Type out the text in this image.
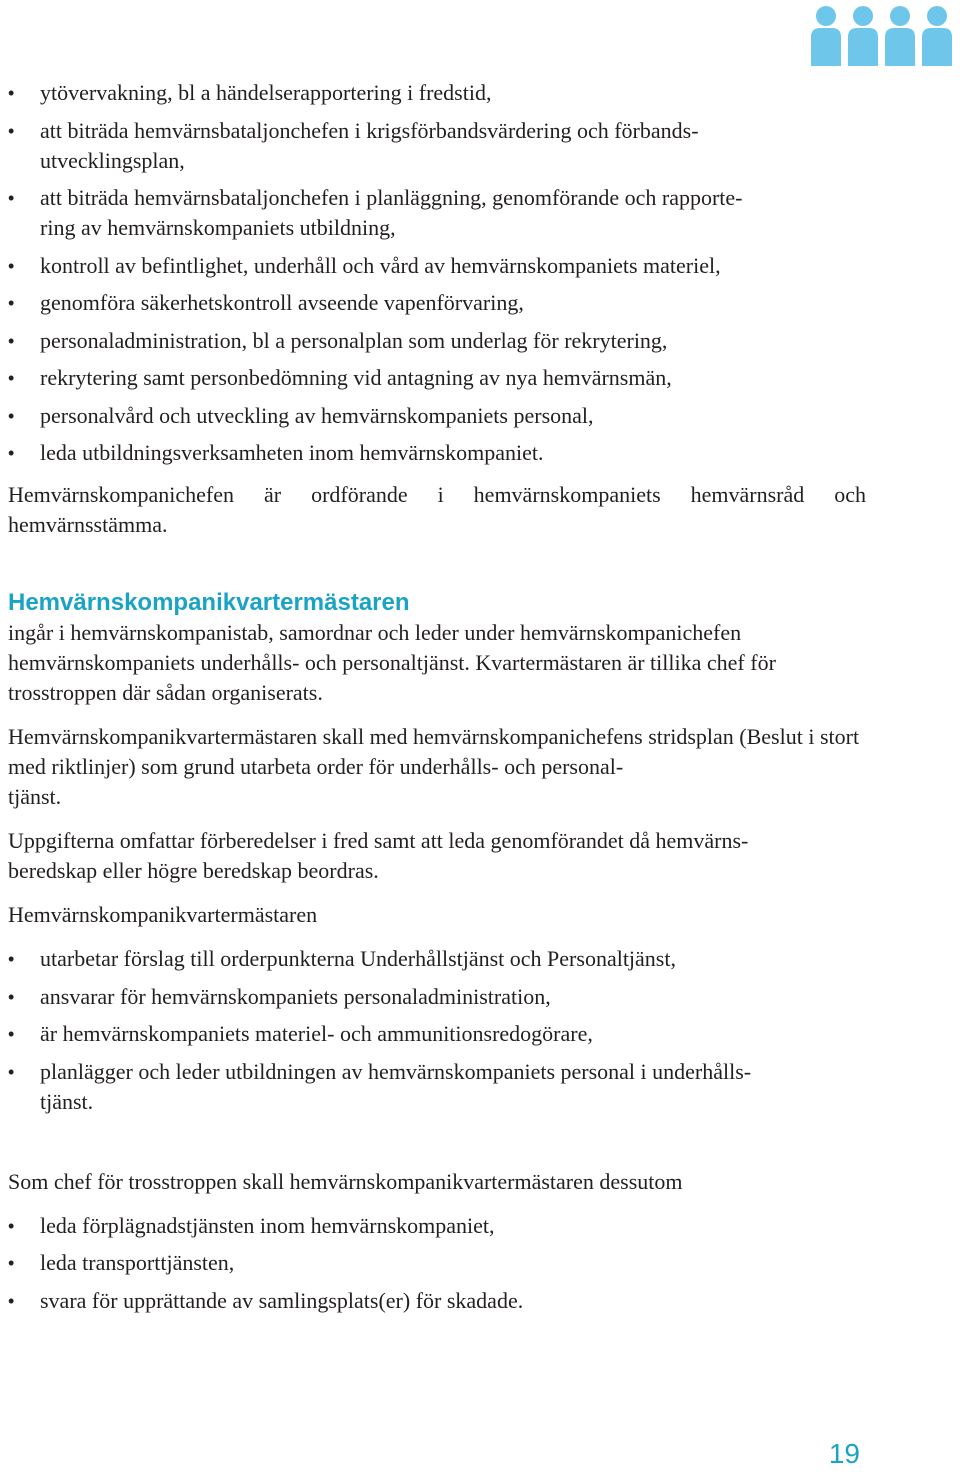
• ytövervakning, bl a händelserapportering i fredstid,
• att biträda hemvärnsbataljonchefen i krigsförbandsvärdering och förbands-
utvecklingsplan,
• att biträda hemvärnsbataljonchefen i planläggning, genomförande och rapporte-
ring av hemvärnskompaniets utbildning,
• kontroll av befintlighet, underhåll och vård av hemvärnskompaniets materiel,
• genomföra säkerhetskontroll avseende vapenförvaring,
• personaladministration, bl a personalplan som underlag för rekrytering,
• rekrytering samt personbedömning vid antagning av nya hemvärnsmän,
• personalvård och utveckling av hemvärnskompaniets personal,
• leda utbildningsverksamheten inom hemvärnskompaniet.

Hemvärnskompanichefen är ordförande i hemvärnskompaniets hemvärnsråd och hemvärnsstämma.

Hemvärnskompanikvartermästaren

ingår i hemvärnskompanistab, samordnar och leder under hemvärnskompanichefen hemvärnskompaniets underhålls- och personaltjänst. Kvartermästaren är tillika chef för trosstroppen där sådan organiserats.

Hemvärnskompanikvartermästaren skall med hemvärnskompanichefens stridsplan (Beslut i stort med riktlinjer) som grund utarbeta order för underhålls- och personal-
tjänst.

Uppgifterna omfattar förberedelser i fred samt att leda genomförandet då hemvärns-
beredskap eller högre beredskap beordras.

Hemvärnskompanikvartermästaren

• utarbetar förslag till orderpunkterna Underhållstjänst och Personaltjänst,
• ansvarar för hemvärnskompaniets personaladministration,
• är hemvärnskompaniets materiel- och ammunitionsredogörare,
• planlägger och leder utbildningen av hemvärnskompaniets personal i underhålls-
tjänst.

Som chef för trosstroppen skall hemvärnskompanikvartermästaren dessutom

• leda förplägnadstjänsten inom hemvärnskompaniet,
• leda transporttjänsten,
• svara för upprättande av samlingsplats(er) för skadade.
19
